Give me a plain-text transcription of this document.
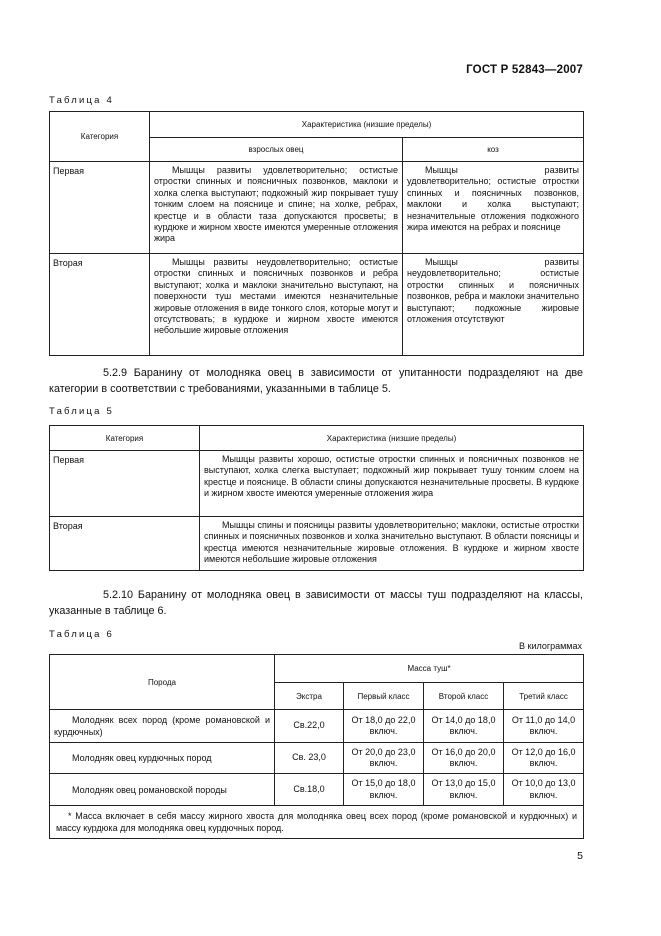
ГОСТ Р 52843—2007
Таблица 4
Категория	Характеристика (низшие пределы)	
	взрослых овец	коз
Первая	Мышцы развиты удовлетворительно; остистые отростки спинных и поясничных позвонков, маклоки и холка слегка выступают; подкожный жир покрывает тушу тонким слоем на пояснице и спине; на холке, ребрах, крестце и в области таза допускаются просветы; в курдюке и жирном хвосте имеются умеренные отложения жира	Мышцы развиты удовлетворительно; остистые отростки спинных и поясничных позвонков, маклоки и холка выступают; незначительные отложения подкожного жира имеются на ребрах и пояснице
Вторая	Мышцы развиты неудовлетворительно; остистые отростки спинных и поясничных позвонков и ребра выступают; холка и маклоки значительно выступают, на поверхности туш местами имеются незначительные жировые отложения в виде тонкого слоя, которые могут и отсутствовать; в курдюке и жирном хвосте имеются небольшие жировые отложения	Мышцы развиты неудовлетворительно; остистые отростки спинных и поясничных позвонков, ребра и маклоки значительно выступают; подкожные жировые отложения отсутствуют
5.2.9 Баранину от молодняка овец в зависимости от упитанности подразделяют на две категории в соответствии с требованиями, указанными в таблице 5.
Таблица 5
Категория	Характеристика (низшие пределы)
Первая	Мышцы развиты хорошо, остистые отростки спинных и поясничных позвонков не выступают, холка слегка выступает; подкожный жир покрывает тушу тонким слоем на крестце и пояснице. В области спины допускаются незначительные просветы. В курдюке и жирном хвосте имеются умеренные отложения жира
Вторая	Мышцы спины и поясницы развиты удовлетворительно; маклоки, остистые отростки спинных и поясничных позвонков и холка значительно выступают. В области поясницы и крестца имеются незначительные жировые отложения. В курдюке и жирном хвосте имеются небольшие жировые отложения
5.2.10 Баранину от молодняка овец в зависимости от массы туш подразделяют на классы, указанные в таблице 6.
Таблица 6
В килограммах
Порода	Масса туш*			
	Экстра	Первый класс	Второй класс	Третий класс
Молодняк всех пород (кроме романовской и курдючных)	Св.22,0	От 18,0 до 22,0 включ.	От 14,0 до 18,0 включ.	От 11,0 до 14,0 включ.
Молодняк овец курдючных пород	Св. 23,0	От 20,0 до 23,0 включ.	От 16,0 до 20,0 включ.	От 12,0 до 16,0 включ.
Молодняк овец романовской породы	Св.18,0	От 15,0 до 18,0 включ.	От 13,0 до 15,0 включ.	От 10,0 до 13,0 включ.
* Масса включает в себя массу жирного хвоста для молодняка овец всех пород (кроме романовской и курдючных) и массу курдюка для молодняка овец курдючных пород.				
5
